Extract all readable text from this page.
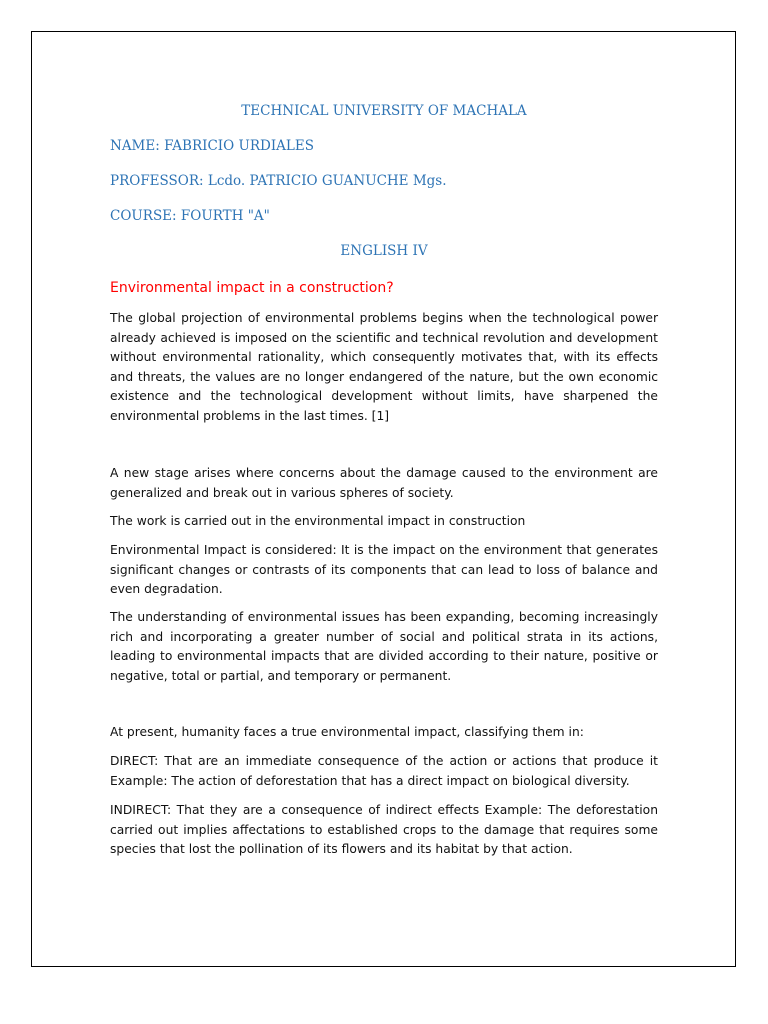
TECHNICAL UNIVERSITY OF MACHALA
NAME: FABRICIO URDIALES
PROFESSOR: Lcdo. PATRICIO GUANUCHE Mgs.
COURSE: FOURTH "A"
ENGLISH IV
Environmental impact in a construction?

The global projection of environmental problems begins when the technological power already achieved is imposed on the scientific and technical revolution and development without environmental rationality, which consequently motivates that, with its effects and threats, the values are no longer endangered of the nature, but the own economic existence and the technological development without limits, have sharpened the environmental problems in the last times. [1]

A new stage arises where concerns about the damage caused to the environment are generalized and break out in various spheres of society.

The work is carried out in the environmental impact in construction

Environmental Impact is considered: It is the impact on the environment that generates significant changes or contrasts of its components that can lead to loss of balance and even degradation.

The understanding of environmental issues has been expanding, becoming increasingly rich and incorporating a greater number of social and political strata in its actions, leading to environmental impacts that are divided according to their nature, positive or negative, total or partial, and temporary or permanent.

At present, humanity faces a true environmental impact, classifying them in:

DIRECT: That are an immediate consequence of the action or actions that produce it Example: The action of deforestation that has a direct impact on biological diversity.

INDIRECT: That they are a consequence of indirect effects Example: The deforestation carried out implies affectations to established crops to the damage that requires some species that lost the pollination of its flowers and its habitat by that action.
